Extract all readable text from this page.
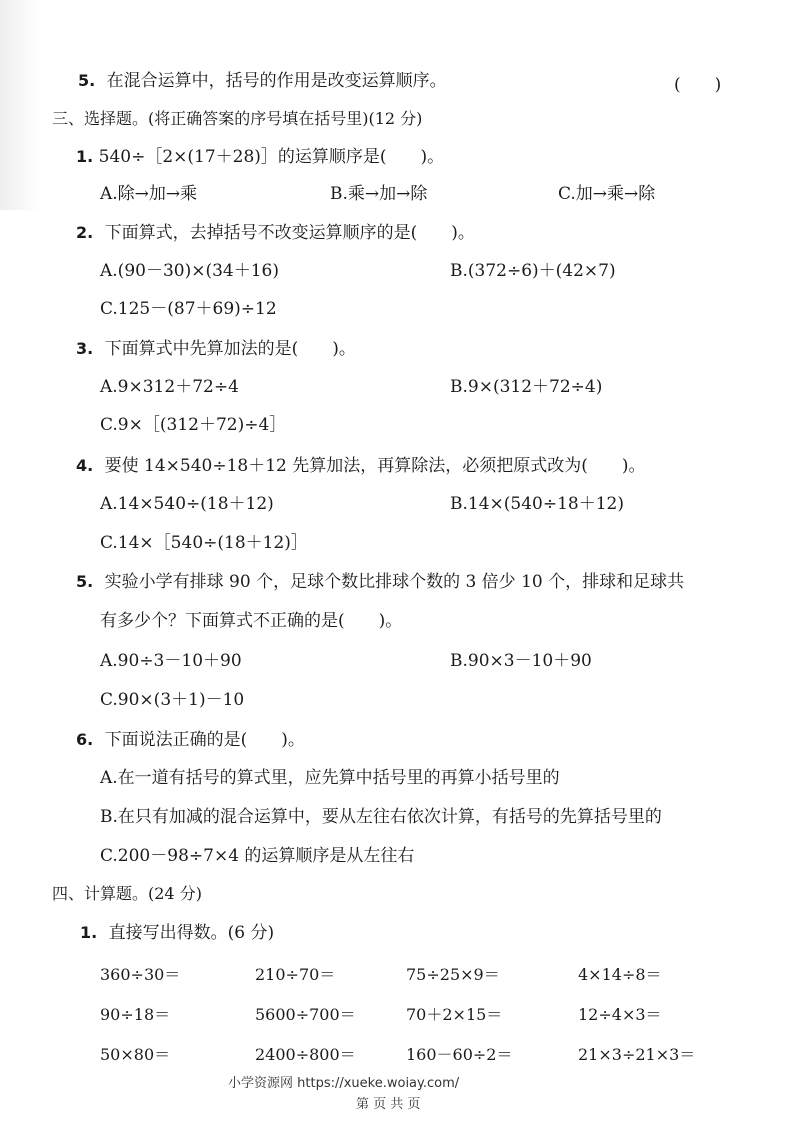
5. 在混合运算中，括号的作用是改变运算顺序。	(　　)
三、选择题。(将正确答案的序号填在括号里)(12 分)
1. 540÷［2×(17＋28)］的运算顺序是(　　)。
A.除→加→乘	B.乘→加→除	C.加→乘→除
2. 下面算式，去掉括号不改变运算顺序的是(　　)。
A.(90－30)×(34＋16)	B.(372÷6)＋(42×7)
C.125－(87＋69)÷12
3. 下面算式中先算加法的是(　　)。
A.9×312＋72÷4	B.9×(312＋72÷4)
C.9×［(312＋72)÷4］
4. 要使 14×540÷18＋12 先算加法，再算除法，必须把原式改为(　　)。
A.14×540÷(18＋12)	B.14×(540÷18＋12)
C.14×［540÷(18＋12)］
5. 实验小学有排球 90 个，足球个数比排球个数的 3 倍少 10 个，排球和足球共
有多少个？下面算式不正确的是(　　)。
A.90÷3－10＋90	B.90×3－10＋90
C.90×(3＋1)－10
6. 下面说法正确的是(　　)。
A.在一道有括号的算式里，应先算中括号里的再算小括号里的
B.在只有加减的混合运算中，要从左往右依次计算，有括号的先算括号里的
C.200－98÷7×4 的运算顺序是从左往右
四、计算题。(24 分)
1. 直接写出得数。(6 分)
360÷30＝	210÷70＝	75÷25×9＝	4×14÷8＝
90÷18＝	5600÷700＝	70＋2×15＝	12÷4×3＝
50×80＝	2400÷800＝	160－60÷2＝	21×3÷21×3＝
小学资源网 https://xueke.woiay.com/
第 页 共 页
